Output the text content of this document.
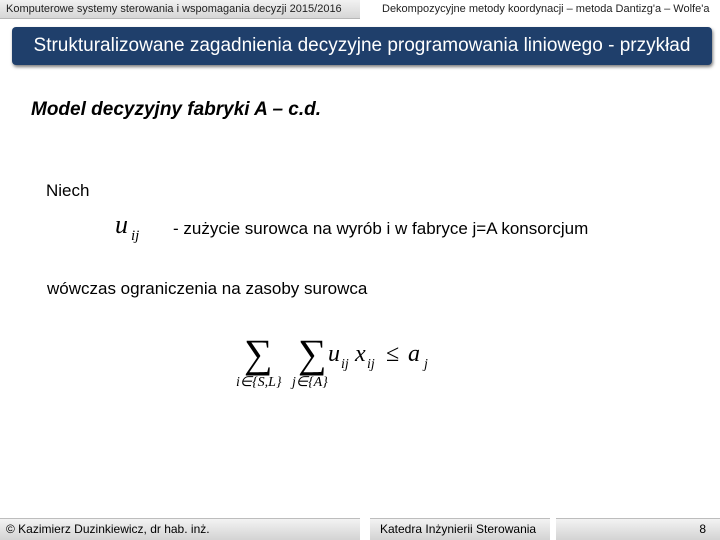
Komputerowe systemy sterowania i wspomagania decyzji 2015/2016	Dekompozycyjne metody koordynacji – metoda Dantizg'a – Wolfe'a
Strukturalizowane zagadnienia decyzyjne programowania liniowego - przykład
Model decyzyjny fabryki A – c.d.
Niech
u ij - zużycie surowca na wyrób i w fabryce j=A konsorcjum
wówczas ograniczenia na zasoby surowca
∑
i∈{S,L}
∑
j∈{A}
u ij x ij ≤ a j
© Kazimierz Duzinkiewicz, dr hab. inż.	Katedra Inżynierii Sterowania	8
